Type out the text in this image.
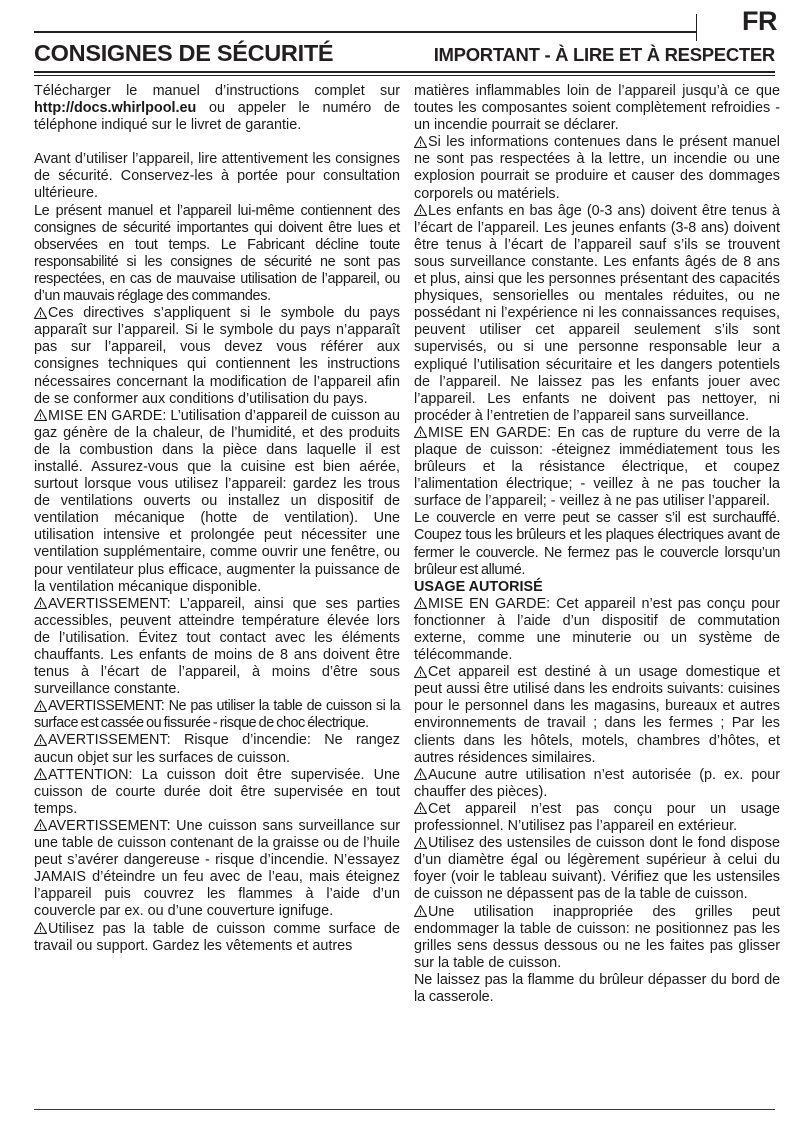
FR
CONSIGNES DE SÉCURITÉ	IMPORTANT - À LIRE ET À RESPECTER

Télécharger le manuel d’instructions complet sur http://docs.whirlpool.eu ou appeler le numéro de téléphone indiqué sur le livret de garantie.

Avant d’utiliser l’appareil, lire attentivement les consignes de sécurité. Conservez-les à portée pour consultation ultérieure.

Le présent manuel et l’appareil lui-même contiennent des consignes de sécurité importantes qui doivent être lues et observées en tout temps. Le Fabricant décline toute responsabilité si les consignes de sécurité ne sont pas respectées, en cas de mauvaise utilisation de l’appareil, ou d’un mauvais réglage des commandes.

Ces directives s’appliquent si le symbole du pays apparaît sur l’appareil. Si le symbole du pays n’apparaît pas sur l’appareil, vous devez vous référer aux consignes techniques qui contiennent les instructions nécessaires concernant la modification de l’appareil afin de se conformer aux conditions d’utilisation du pays.

MISE EN GARDE: L’utilisation d’appareil de cuisson au gaz génère de la chaleur, de l’humidité, et des produits de la combustion dans la pièce dans laquelle il est installé. Assurez-vous que la cuisine est bien aérée, surtout lorsque vous utilisez l’appareil: gardez les trous de ventilations ouverts ou installez un dispositif de ventilation mécanique (hotte de ventilation). Une utilisation intensive et prolongée peut nécessiter une ventilation supplémentaire, comme ouvrir une fenêtre, ou pour ventilateur plus efficace, augmenter la puissance de la ventilation mécanique disponible.

AVERTISSEMENT: L’appareil, ainsi que ses parties accessibles, peuvent atteindre température élevée lors de l’utilisation. Évitez tout contact avec les éléments chauffants. Les enfants de moins de 8 ans doivent être tenus à l’écart de l’appareil, à moins d’être sous surveillance constante.

AVERTISSEMENT: Ne pas utiliser la table de cuisson si la surface est cassée ou fissurée - risque de choc électrique.

AVERTISSEMENT: Risque d’incendie: Ne rangez aucun objet sur les surfaces de cuisson.

ATTENTION: La cuisson doit être supervisée. Une cuisson de courte durée doit être supervisée en tout temps.

AVERTISSEMENT: Une cuisson sans surveillance sur une table de cuisson contenant de la graisse ou de l’huile peut s’avérer dangereuse - risque d’incendie. N’essayez JAMAIS d’éteindre un feu avec de l’eau, mais éteignez l’appareil puis couvrez les flammes à l’aide d’un couvercle par ex. ou d’une couverture ignifuge.

Utilisez pas la table de cuisson comme surface de travail ou support. Gardez les vêtements et autres

matières inflammables loin de l’appareil jusqu’à ce que toutes les composantes soient complètement refroidies - un incendie pourrait se déclarer.

Si les informations contenues dans le présent manuel ne sont pas respectées à la lettre, un incendie ou une explosion pourrait se produire et causer des dommages corporels ou matériels.

Les enfants en bas âge (0-3 ans) doivent être tenus à l’écart de l’appareil. Les jeunes enfants (3-8 ans) doivent être tenus à l’écart de l’appareil sauf s’ils se trouvent sous surveillance constante. Les enfants âgés de 8 ans et plus, ainsi que les personnes présentant des capacités physiques, sensorielles ou mentales réduites, ou ne possédant ni l’expérience ni les connaissances requises, peuvent utiliser cet appareil seulement s’ils sont supervisés, ou si une personne responsable leur a expliqué l’utilisation sécuritaire et les dangers potentiels de l’appareil. Ne laissez pas les enfants jouer avec l’appareil. Les enfants ne doivent pas nettoyer, ni procéder à l’entretien de l’appareil sans surveillance.

MISE EN GARDE: En cas de rupture du verre de la plaque de cuisson: -éteignez immédiatement tous les brûleurs et la résistance électrique, et coupez l’alimentation électrique; - veillez à ne pas toucher la surface de l’appareil; - veillez à ne pas utiliser l’appareil.

Le couvercle en verre peut se casser s’il est surchauffé. Coupez tous les brûleurs et les plaques électriques avant de fermer le couvercle. Ne fermez pas le couvercle lorsqu’un brûleur est allumé.

USAGE AUTORISÉ

MISE EN GARDE: Cet appareil n’est pas conçu pour fonctionner à l’aide d’un dispositif de commutation externe, comme une minuterie ou un système de télécommande.

Cet appareil est destiné à un usage domestique et peut aussi être utilisé dans les endroits suivants: cuisines pour le personnel dans les magasins, bureaux et autres environnements de travail ; dans les fermes ; Par les clients dans les hôtels, motels, chambres d’hôtes, et autres résidences similaires.

Aucune autre utilisation n’est autorisée (p. ex. pour chauffer des pièces).

Cet appareil n’est pas conçu pour un usage professionnel. N’utilisez pas l’appareil en extérieur.

Utilisez des ustensiles de cuisson dont le fond dispose d’un diamètre égal ou légèrement supérieur à celui du foyer (voir le tableau suivant). Vérifiez que les ustensiles de cuisson ne dépassent pas de la table de cuisson.

Une utilisation inappropriée des grilles peut endommager la table de cuisson: ne positionnez pas les grilles sens dessus dessous ou ne les faites pas glisser sur la table de cuisson.

Ne laissez pas la flamme du brûleur dépasser du bord de la casserole.
